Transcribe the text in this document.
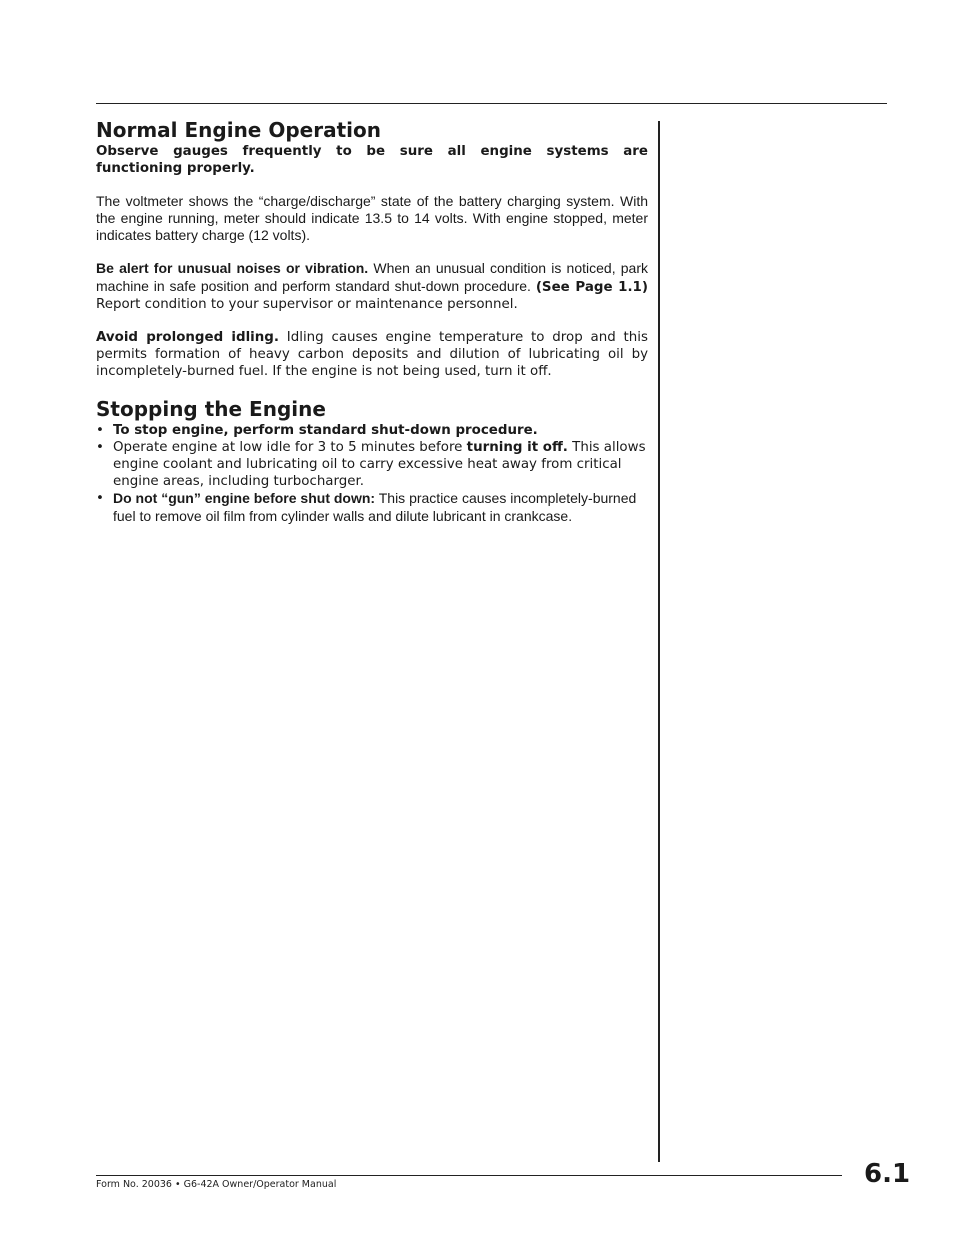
Normal Engine Operation

Observe gauges frequently to be sure all engine systems are functioning properly.

The voltmeter shows the “charge/discharge” state of the battery charging system. With the engine running, meter should indicate 13.5 to 14 volts. With engine stopped, meter indicates battery charge (12 volts).

Be alert for unusual noises or vibration. When an unusual condition is noticed, park machine in safe position and perform standard shut-down procedure. (See Page 1.1) Report condition to your supervisor or maintenance personnel.

Avoid prolonged idling. Idling causes engine temperature to drop and this permits formation of heavy carbon deposits and dilution of lubricating oil by incompletely-burned fuel. If the engine is not being used, turn it off.

Stopping the Engine
• To stop engine, perform standard shut-down procedure.
• Operate engine at low idle for 3 to 5 minutes before turning it off. This allows engine coolant and lubricating oil to carry excessive heat away from critical engine areas, including turbocharger.
• Do not “gun” engine before shut down: This practice causes incompletely-burned fuel to remove oil film from cylinder walls and dilute lubricant in crankcase.
Form No. 20036 • G6-42A Owner/Operator Manual	6.1
